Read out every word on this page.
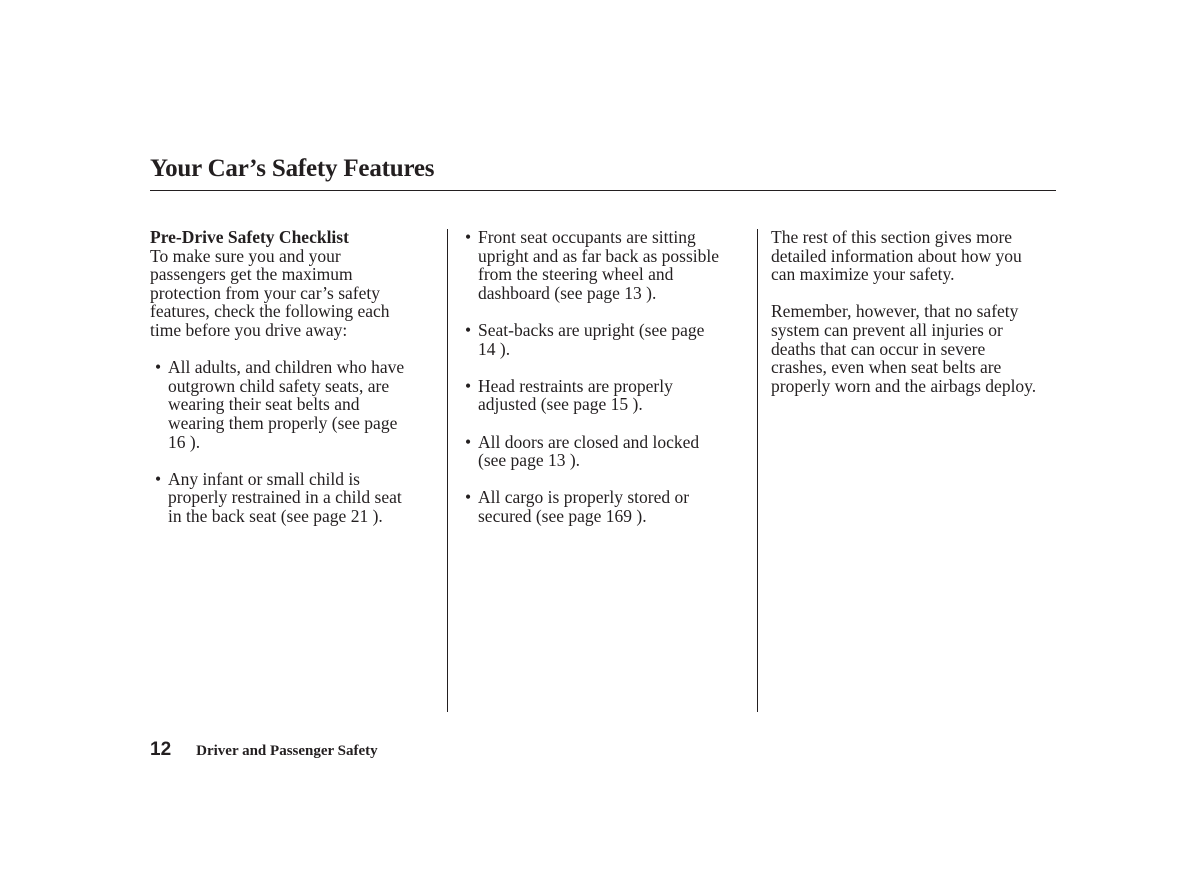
Your Car’s Safety Features

Pre-Drive Safety Checklist

To make sure you and your
passengers get the maximum
protection from your car’s safety
features, check the following each
time before you drive away:

• All adults, and children who have
outgrown child safety seats, are
wearing their seat belts and
wearing them properly (see page
16 ).
• Any infant or small child is
properly restrained in a child seat
in the back seat (see page 21 ).
• Front seat occupants are sitting
upright and as far back as possible
from the steering wheel and
dashboard (see page 13 ).
• Seat-backs are upright (see page
14 ).
• Head restraints are properly
adjusted (see page 15 ).
• All doors are closed and locked
(see page 13 ).
• All cargo is properly stored or
secured (see page 169 ).

The rest of this section gives more
detailed information about how you
can maximize your safety.

Remember, however, that no safety
system can prevent all injuries or
deaths that can occur in severe
crashes, even when seat belts are
properly worn and the airbags deploy.

12 Driver and Passenger Safety
